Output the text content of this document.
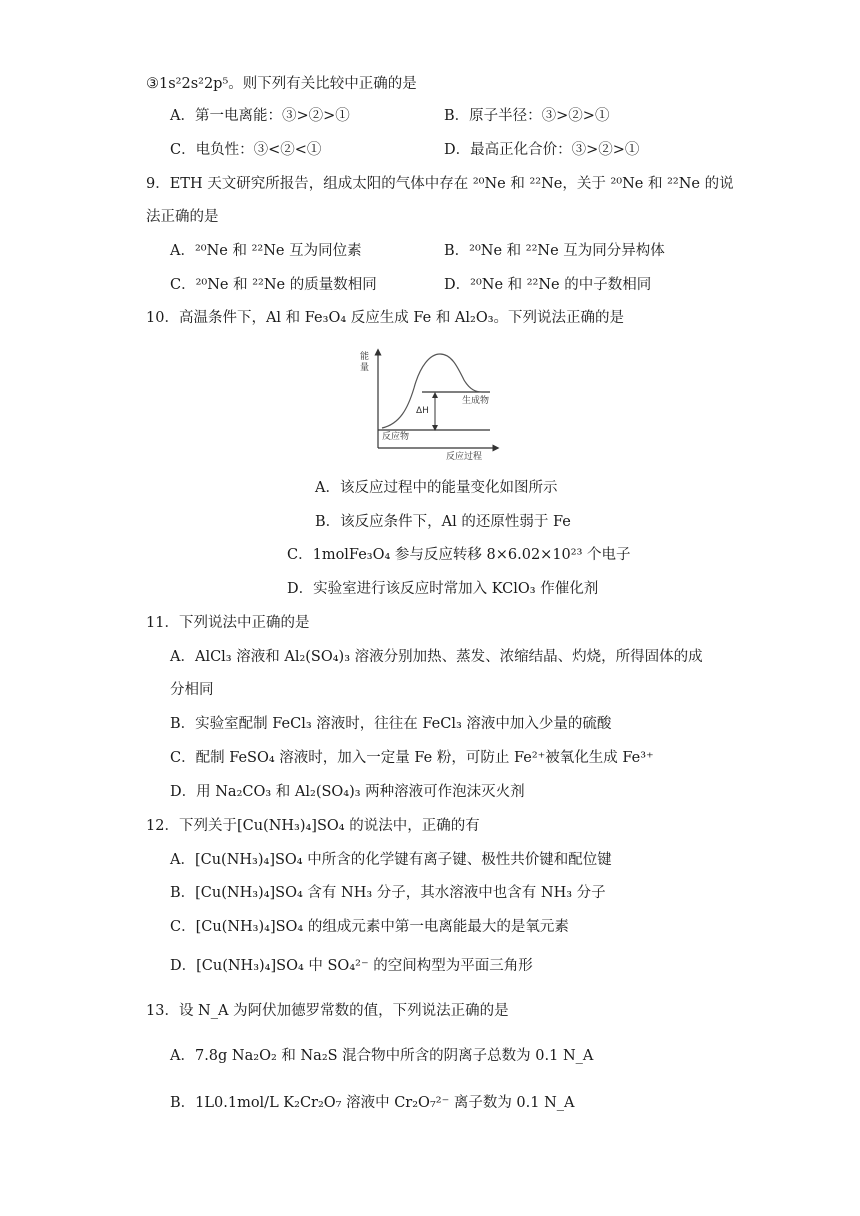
③1s²2s²2p⁵。则下列有关比较中正确的是
A．第一电离能：③>②>①	B．原子半径：③>②>①
C．电负性：③<②<①	D．最高正化合价：③>②>①
9．ETH 天文研究所报告，组成太阳的气体中存在 ²⁰Ne 和 ²²Ne，关于 ²⁰Ne 和 ²²Ne 的说
法正确的是
A．²⁰Ne 和 ²²Ne 互为同位素	B．²⁰Ne 和 ²²Ne 互为同分异构体
C．²⁰Ne 和 ²²Ne 的质量数相同	D．²⁰Ne 和 ²²Ne 的中子数相同
10．高温条件下，Al 和 Fe₃O₄ 反应生成 Fe 和 Al₂O₃。下列说法正确的是
能量
ΔH
生成物
反应物
反应过程
A．该反应过程中的能量变化如图所示
B．该反应条件下，Al 的还原性弱于 Fe
C．1molFe₃O₄ 参与反应转移 8×6.02×10²³ 个电子
D．实验室进行该反应时常加入 KClO₃ 作催化剂
11．下列说法中正确的是
A．AlCl₃ 溶液和 Al₂(SO₄)₃ 溶液分别加热、蒸发、浓缩结晶、灼烧，所得固体的成
分相同
B．实验室配制 FeCl₃ 溶液时，往往在 FeCl₃ 溶液中加入少量的硫酸
C．配制 FeSO₄ 溶液时，加入一定量 Fe 粉，可防止 Fe²⁺被氧化生成 Fe³⁺
D．用 Na₂CO₃ 和 Al₂(SO₄)₃ 两种溶液可作泡沫灭火剂
12．下列关于[Cu(NH₃)₄]SO₄ 的说法中，正确的有
A．[Cu(NH₃)₄]SO₄ 中所含的化学键有离子键、极性共价键和配位键
B．[Cu(NH₃)₄]SO₄ 含有 NH₃ 分子，其水溶液中也含有 NH₃ 分子
C．[Cu(NH₃)₄]SO₄ 的组成元素中第一电离能最大的是氧元素
D．[Cu(NH₃)₄]SO₄ 中 SO₄²⁻ 的空间构型为平面三角形
13．设 N_A 为阿伏加德罗常数的值，下列说法正确的是
A．7.8g Na₂O₂ 和 Na₂S 混合物中所含的阴离子总数为 0.1 N_A
B．1L0.1mol/L K₂Cr₂O₇ 溶液中 Cr₂O₇²⁻ 离子数为 0.1 N_A
